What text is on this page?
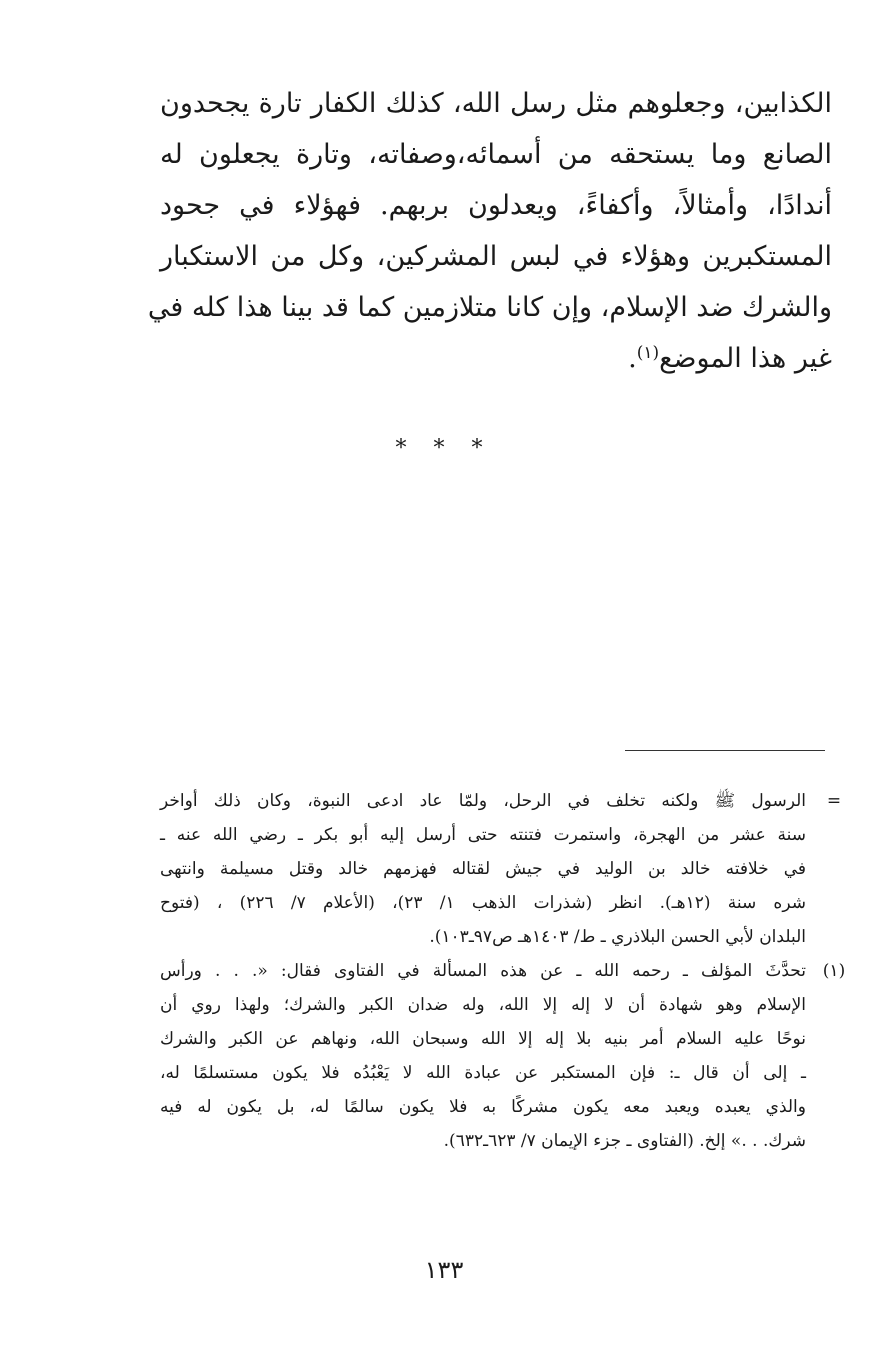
الكذابين، وجعلوهم مثل رسل الله، كذلك الكفار تارة يجحدون
الصانع وما يستحقه من أسمائه،وصفاته، وتارة يجعلون له
أندادًا، وأمثالاً، وأكفاءً، ويعدلون بربهم. فهؤلاء في جحود
المستكبرين وهؤلاء في لبس المشركين، وكل من الاستكبار
والشرك ضد الإسلام، وإن كانا متلازمين كما قد بينا هذا كله في
غير هذا الموضع$^{(١)}$.
* * *
=
الرسول ﷺ ولكنه تخلف في الرحل، ولمّا عاد ادعى النبوة، وكان ذلك أواخر
سنة عشر من الهجرة، واستمرت فتنته حتى أرسل إليه أبو بكر ـ رضي الله عنه ـ
في خلافته خالد بن الوليد في جيش لقتاله فهزمهم خالد وقتل مسيلمة وانتهى
شره سنة (١٢هـ). انظر (شذرات الذهب ١/ ٢٣)، (الأعلام ٧/ ٢٢٦) ، (فتوح
البلدان لأبي الحسن البلاذري ـ ط/ ١٤٠٣هـ ص٩٧ـ١٠٣).
(١)
تحدَّثَ المؤلف ـ رحمه الله ـ عن هذه المسألة في الفتاوى فقال: «. . . ورأس
الإسلام وهو شهادة أن لا إله إلا الله، وله ضدان الكبر والشرك؛ ولهذا روي أن
نوحًا عليه السلام أمر بنيه بلا إله إلا الله وسبحان الله، ونهاهم عن الكبر والشرك
ـ إلى أن قال ـ: فإن المستكبر عن عبادة الله لا يَعْبُدُه فلا يكون مستسلمًا له،
والذي يعبده ويعبد معه يكون مشركًا به فلا يكون سالمًا له، بل يكون له فيه
شرك. . .» إلخ. (الفتاوى ـ جزء الإيمان ٧/ ٦٢٣ـ٦٣٢).
١٣٣
